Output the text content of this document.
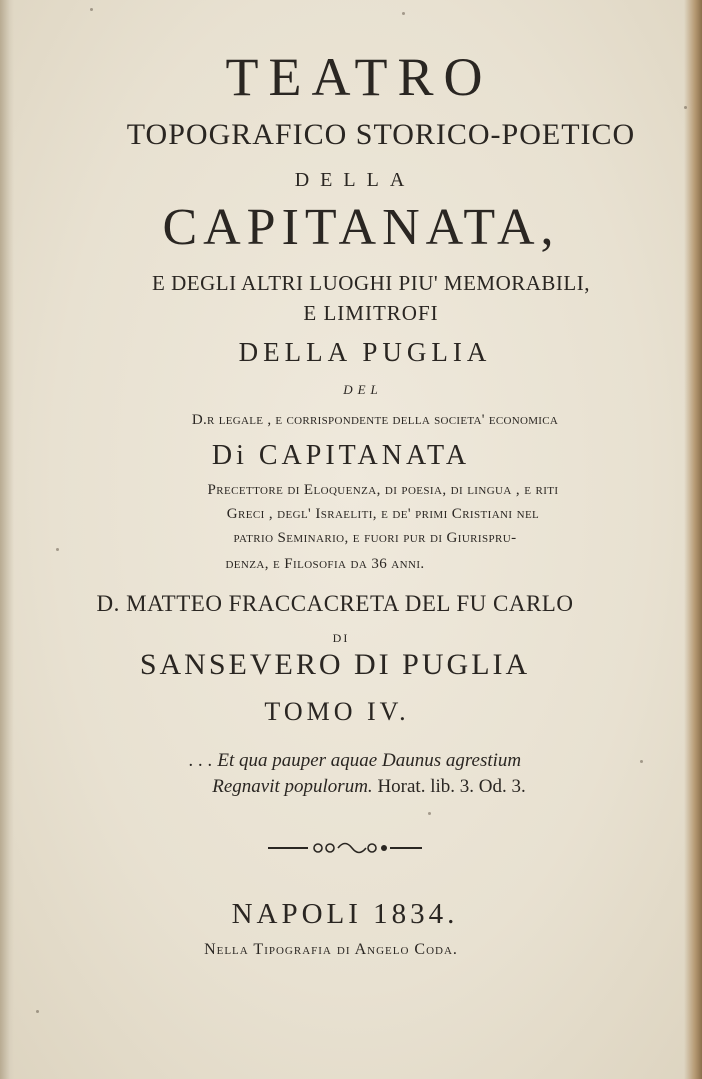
TEATRO
TOPOGRAFICO STORICO-POETICO
DELLA
CAPITANATA,
E DEGLI ALTRI LUOGHI PIU' MEMORABILI,
E LIMITROFI
DELLA PUGLIA
DEL
D.r legale , e corrispondente della societa' economica
Di CAPITANATA
Precettore di Eloquenza, di poesia, di lingua , e riti
Greci , degl' Israeliti, e de' primi Cristiani nel
patrio Seminario, e fuori pur di Giurispru-
denza, e Filosofia da 36 anni.
D. MATTEO FRACCACRETA DEL FU CARLO
DI
SANSEVERO DI PUGLIA
TOMO IV.
. . . Et qua pauper aquae Daunus agrestium
Regnavit populorum. Horat. lib. 3. Od. 3.
NAPOLI 1834.
Nella Tipografia di Angelo Coda.
